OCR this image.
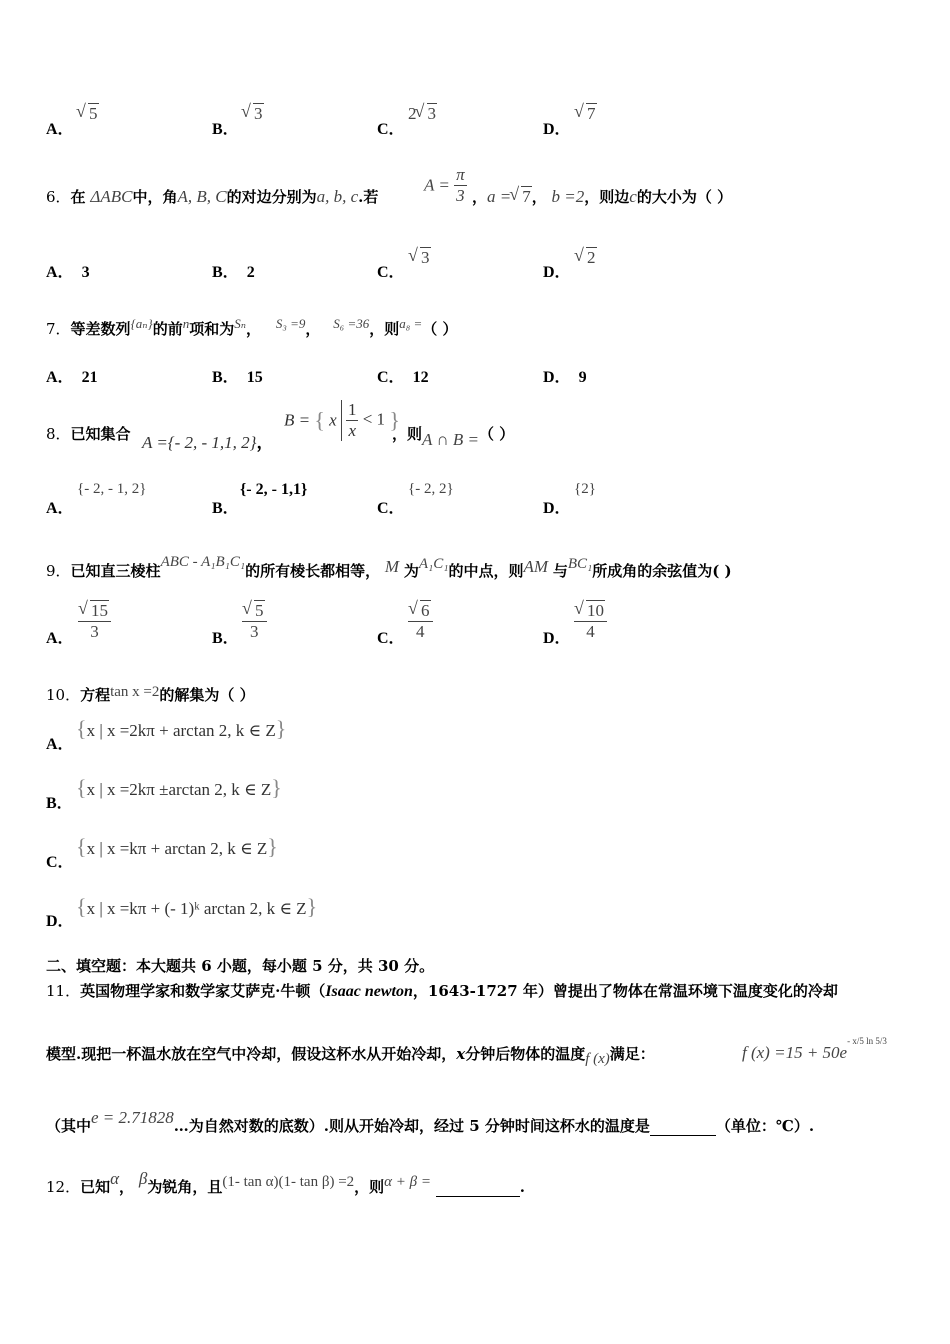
A．
√ 5
B．
√ 3
C．
2 √ 3
D．
√ 7
6．在 ΔABC中，角A, B, C的对边分别为a, b, c.若
$A = \frac{\pi}{3}$ ，a = √ 7， b =2，则边c的大小为（ ）
A． 3	B． 2	C．
√ 3
D．
√ 2
7．等差数列{aₙ}的前n项和为Sₙ， S₃ =9， S₆ =36，则a₈ =（ ）
A． 21	B． 15	C． 12	D． 9
8．已知集合 A ={- 2, - 1,1, 2}，
B = { x $\frac{1}{x} < 1$ }
，则A ∩ B =（ ）
A．
{- 2, - 1, 2}
B．
{- 2, - 1,1}
C．
{- 2, 2}
D．
{2}
9．已知直三棱柱ABC - A₁B₁C₁的所有棱长都相等， M 为A₁C₁的中点，则AM 与BC₁所成角的余弦值为( )
A． √ $\frac{15}{3}$	B． √ $\frac{5}{3}$	C． √ $\frac{6}{4}$	D． √ $\frac{10}{4}$
10．方程tan x =2的解集为（ ）
A．
{x | x =2kπ + arctan 2, k ∈ Z}
B．
{x | x =2kπ ±arctan 2, k ∈ Z}
C．
{x | x =kπ + arctan 2, k ∈ Z}
D．
{x | x =kπ + (- 1)ᵏ arctan 2, k ∈ Z}
二、填空题：本大题共 6 小题，每小题 5 分，共 30 分。
11．英国物理学家和数学家艾萨克·牛顿（Isaac newton，1643-1727 年）曾提出了物体在常温环境下温度变化的冷却
模型.现把一杯温水放在空气中冷却，假设这杯水从开始冷却，x分钟后物体的温度f (x)满足：	f $(x) =15 + 50e^{- x/5 ln 5/3}$
（其中e = 2.71828…为自然对数的底数）.则从开始冷却，经过 5 分钟时间这杯水的温度是	（单位：℃）.
12．已知α， β为锐角，且(1- tan α)(1- tan β) =2，则α + β =	.
